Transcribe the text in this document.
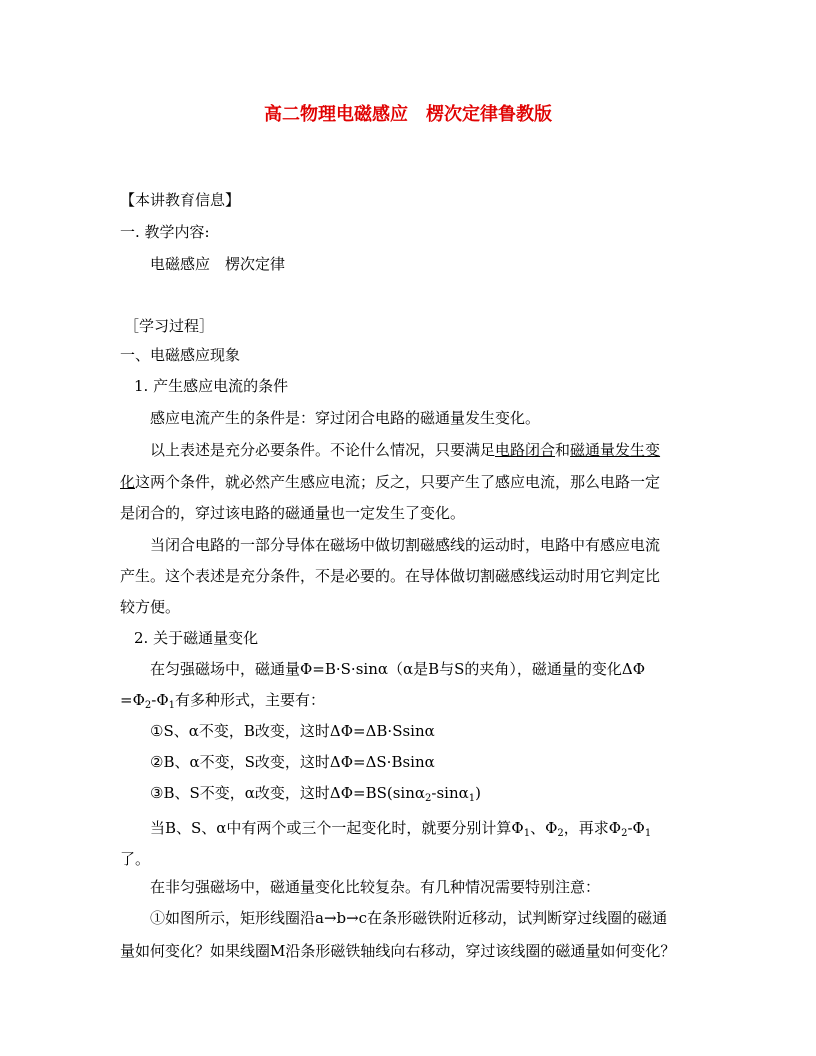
高二物理电磁感应　楞次定律鲁教版
【本讲教育信息】
一. 教学内容:
电磁感应　楞次定律
［学习过程］
一、电磁感应现象
1. 产生感应电流的条件
感应电流产生的条件是：穿过闭合电路的磁通量发生变化。
以上表述是充分必要条件。不论什么情况，只要满足电路闭合和磁通量发生变
化这两个条件，就必然产生感应电流；反之，只要产生了感应电流，那么电路一定
是闭合的，穿过该电路的磁通量也一定发生了变化。
当闭合电路的一部分导体在磁场中做切割磁感线的运动时，电路中有感应电流
产生。这个表述是充分条件，不是必要的。在导体做切割磁感线运动时用它判定比
较方便。
2. 关于磁通量变化
在匀强磁场中，磁通量Φ=B·S·sinα（α是B与S的夹角），磁通量的变化ΔΦ
$=\Phi_2-\Phi_1$有多种形式，主要有：
①S、α不变，B改变，这时ΔΦ=ΔB·Ssinα
②B、α不变，S改变，这时ΔΦ=ΔS·Bsinα
③B、S不变，α改变，这时ΔΦ=BS(sinα$_2$-sinα$_1$)
当B、S、α中有两个或三个一起变化时，就要分别计算$\Phi_1$、$\Phi_2$，再求$\Phi_2-\Phi_1$
了。
在非匀强磁场中，磁通量变化比较复杂。有几种情况需要特别注意：
①如图所示，矩形线圈沿a→b→c在条形磁铁附近移动，试判断穿过线圈的磁通
量如何变化？如果线圈M沿条形磁铁轴线向右移动，穿过该线圈的磁通量如何变化？
